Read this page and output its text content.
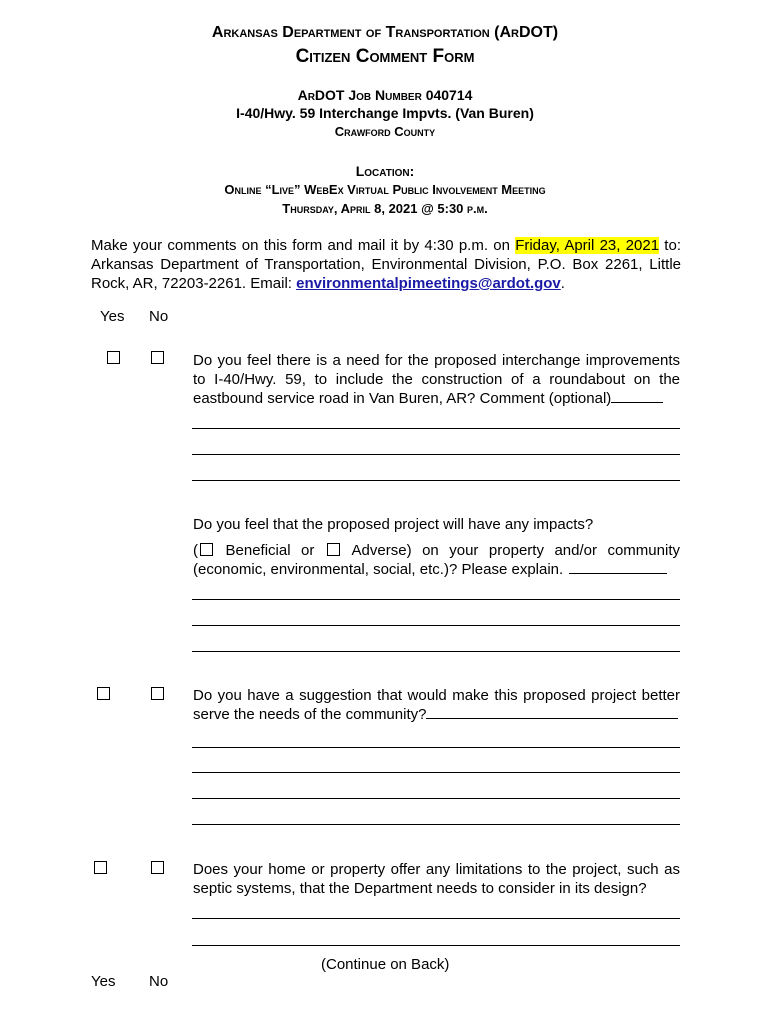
Arkansas Department of Transportation (ArDOT)
Citizen Comment Form
ArDOT Job Number 040714
I-40/Hwy. 59 Interchange Impvts. (Van Buren)
Crawford County
Location:
Online “Live” WebEx Virtual Public Involvement Meeting
Thursday, April 8, 2021 @ 5:30 p.m.
Make your comments on this form and mail it by 4:30 p.m. on Friday, April 23, 2021 to: Arkansas Department of Transportation, Environmental Division, P.O. Box 2261, Little Rock, AR, 72203-2261. Email: environmentalpimeetings@ardot.gov.
Yes No
Do you feel there is a need for the proposed interchange improvements to I-40/Hwy. 59, to include the construction of a roundabout on the eastbound service road in Van Buren, AR? Comment (optional)
Do you feel that the proposed project will have any impacts?
( Beneficial or Adverse) on your property and/or community (economic, environmental, social, etc.)? Please explain.
Do you have a suggestion that would make this proposed project better serve the needs of the community?
Does your home or property offer any limitations to the project, such as septic systems, that the Department needs to consider in its design?
(Continue on Back)
Yes No
